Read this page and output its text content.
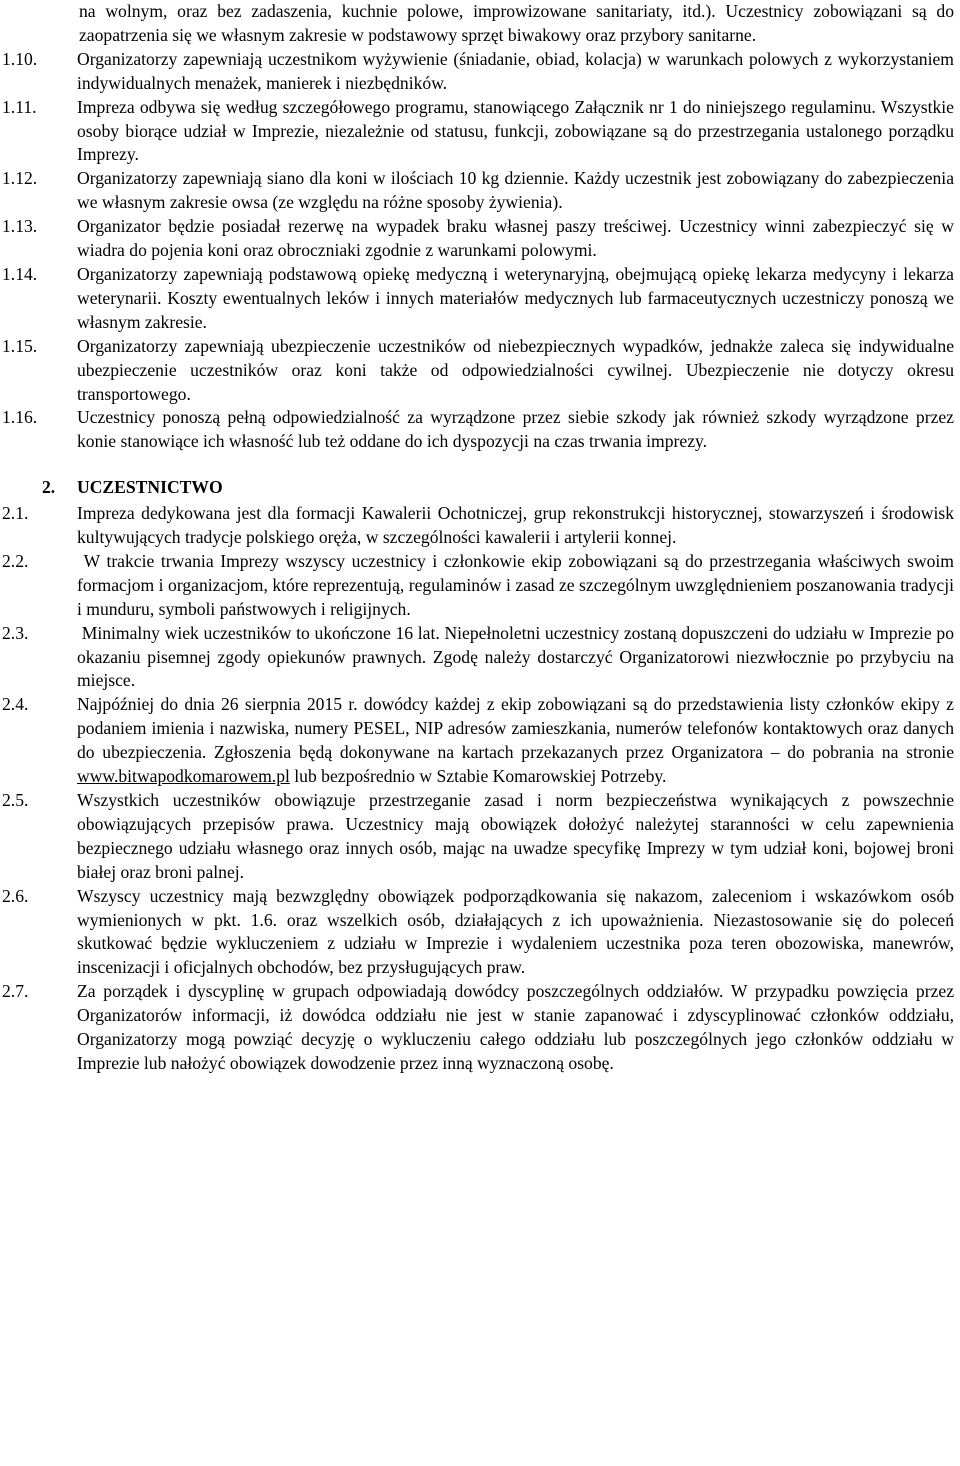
na wolnym, oraz bez zadaszenia, kuchnie polowe, improwizowane sanitariaty, itd.). Uczestnicy zobowiązani są do zaopatrzenia się we własnym zakresie w podstawowy sprzęt biwakowy oraz przybory sanitarne.
1.10. Organizatorzy zapewniają uczestnikom wyżywienie (śniadanie, obiad, kolacja) w warunkach polowych z wykorzystaniem indywidualnych menażek, manierek i niezbędników.
1.11. Impreza odbywa się według szczegółowego programu, stanowiącego Załącznik nr 1 do niniejszego regulaminu. Wszystkie osoby biorące udział w Imprezie, niezależnie od statusu, funkcji, zobowiązane są do przestrzegania ustalonego porządku Imprezy.
1.12. Organizatorzy zapewniają siano dla koni w ilościach 10 kg dziennie. Każdy uczestnik jest zobowiązany do zabezpieczenia we własnym zakresie owsa (ze względu na różne sposoby żywienia).
1.13. Organizator będzie posiadał rezerwę na wypadek braku własnej paszy treściwej. Uczestnicy winni zabezpieczyć się w wiadra do pojenia koni oraz obroczniaki zgodnie z warunkami polowymi.
1.14. Organizatorzy zapewniają podstawową opiekę medyczną i weterynaryjną, obejmującą opiekę lekarza medycyny i lekarza weterynarii. Koszty ewentualnych leków i innych materiałów medycznych lub farmaceutycznych uczestniczy ponoszą we własnym zakresie.
1.15. Organizatorzy zapewniają ubezpieczenie uczestników od niebezpiecznych wypadków, jednakże zaleca się indywidualne ubezpieczenie uczestników oraz koni także od odpowiedzialności cywilnej. Ubezpieczenie nie dotyczy okresu transportowego.
1.16. Uczestnicy ponoszą pełną odpowiedzialność za wyrządzone przez siebie szkody jak również szkody wyrządzone przez konie stanowiące ich własność lub też oddane do ich dyspozycji na czas trwania imprezy.
2. UCZESTNICTWO
2.1.	Impreza dedykowana jest dla formacji Kawalerii Ochotniczej, grup rekonstrukcji historycznej, stowarzyszeń i środowisk kultywujących tradycje polskiego oręża, w szczególności kawalerii i artylerii konnej.
2.2.	W trakcie trwania Imprezy wszyscy uczestnicy i członkowie ekip zobowiązani są do przestrzegania właściwych swoim formacjom i organizacjom, które reprezentują, regulaminów i zasad ze szczególnym uwzględnieniem poszanowania tradycji i munduru, symboli państwowych i religijnych.
2.3.	Minimalny wiek uczestników to ukończone 16 lat. Niepełnoletni uczestnicy zostaną dopuszczeni do udziału w Imprezie po okazaniu pisemnej zgody opiekunów prawnych. Zgodę należy dostarczyć Organizatorowi niezwłocznie po przybyciu na miejsce.
2.4.	Najpóźniej do dnia 26 sierpnia 2015 r. dowódcy każdej z ekip zobowiązani są do przedstawienia listy członków ekipy z podaniem imienia i nazwiska, numery PESEL, NIP adresów zamieszkania, numerów telefonów kontaktowych oraz danych do ubezpieczenia. Zgłoszenia będą dokonywane na kartach przekazanych przez Organizatora – do pobrania na stronie www.bitwapodkomarowem.pl lub bezpośrednio w Sztabie Komarowskiej Potrzeby.
2.5.	Wszystkich uczestników obowiązuje przestrzeganie zasad i norm bezpieczeństwa wynikających z powszechnie obowiązujących przepisów prawa. Uczestnicy mają obowiązek dołożyć należytej staranności w celu zapewnienia bezpiecznego udziału własnego oraz innych osób, mając na uwadze specyfikę Imprezy w tym udział koni, bojowej broni białej oraz broni palnej.
2.6.	Wszyscy uczestnicy mają bezwzględny obowiązek podporządkowania się nakazom, zaleceniom i wskazówkom osób wymienionych w pkt. 1.6. oraz wszelkich osób, działających z ich upoważnienia. Niezastosowanie się do poleceń skutkować będzie wykluczeniem z udziału w Imprezie i wydaleniem uczestnika poza teren obozowiska, manewrów, inscenizacji i oficjalnych obchodów, bez przysługujących praw.
2.7.	Za porządek i dyscyplinę w grupach odpowiadają dowódcy poszczególnych oddziałów. W przypadku powzięcia przez Organizatorów informacji, iż dowódca oddziału nie jest w stanie zapanować i zdyscyplinować członków oddziału, Organizatorzy mogą powziąć decyzję o wykluczeniu całego oddziału lub poszczególnych jego członków oddziału w Imprezie lub nałożyć obowiązek dowodzenie przez inną wyznaczoną osobę.
